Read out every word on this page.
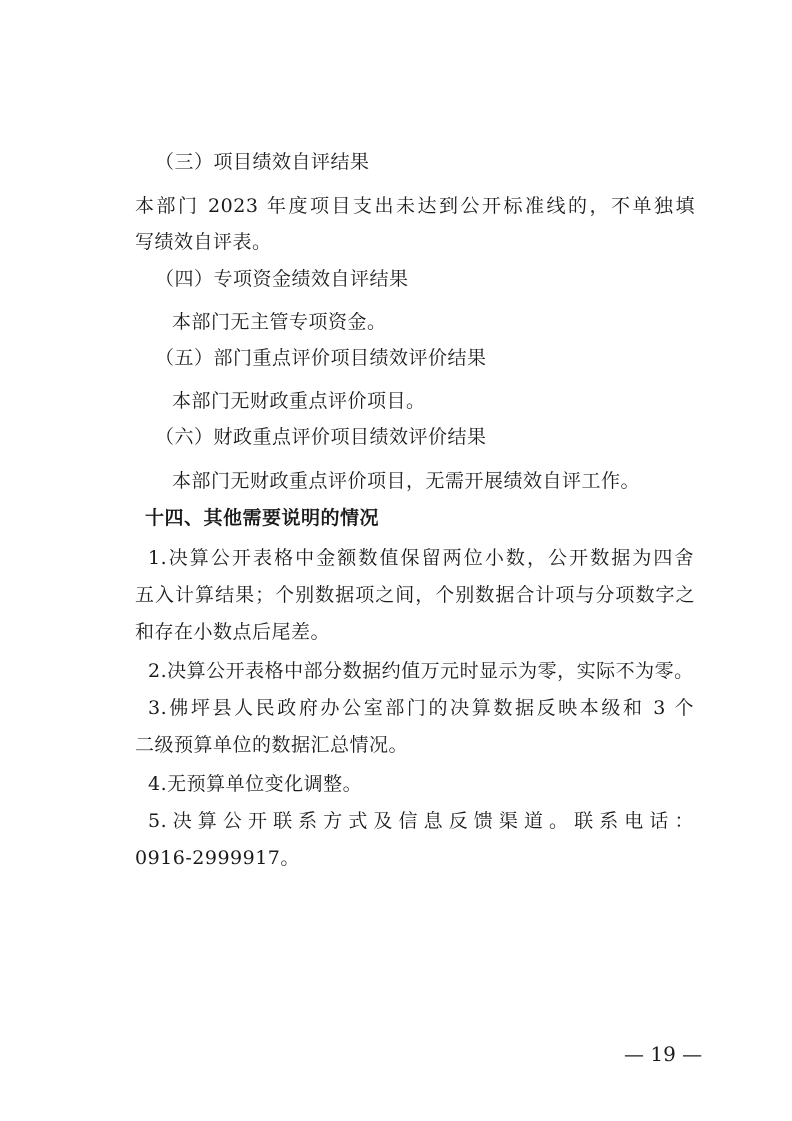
（三）项目绩效自评结果
本部门 2023 年度项目支出未达到公开标准线的，不单独填
写绩效自评表。
（四）专项资金绩效自评结果
本部门无主管专项资金。
（五）部门重点评价项目绩效评价结果
本部门无财政重点评价项目。
（六）财政重点评价项目绩效评价结果
本部门无财政重点评价项目，无需开展绩效自评工作。
十四、其他需要说明的情况
1.决算公开表格中金额数值保留两位小数，公开数据为四舍
五入计算结果；个别数据项之间，个别数据合计项与分项数字之
和存在小数点后尾差。
2.决算公开表格中部分数据约值万元时显示为零，实际不为零。
3.佛坪县人民政府办公室部门的决算数据反映本级和 3 个
二级预算单位的数据汇总情况。
4.无预算单位变化调整。
5.决算公开联系方式及信息反馈渠道。联系电话：
0916-2999917。
— 19 —
